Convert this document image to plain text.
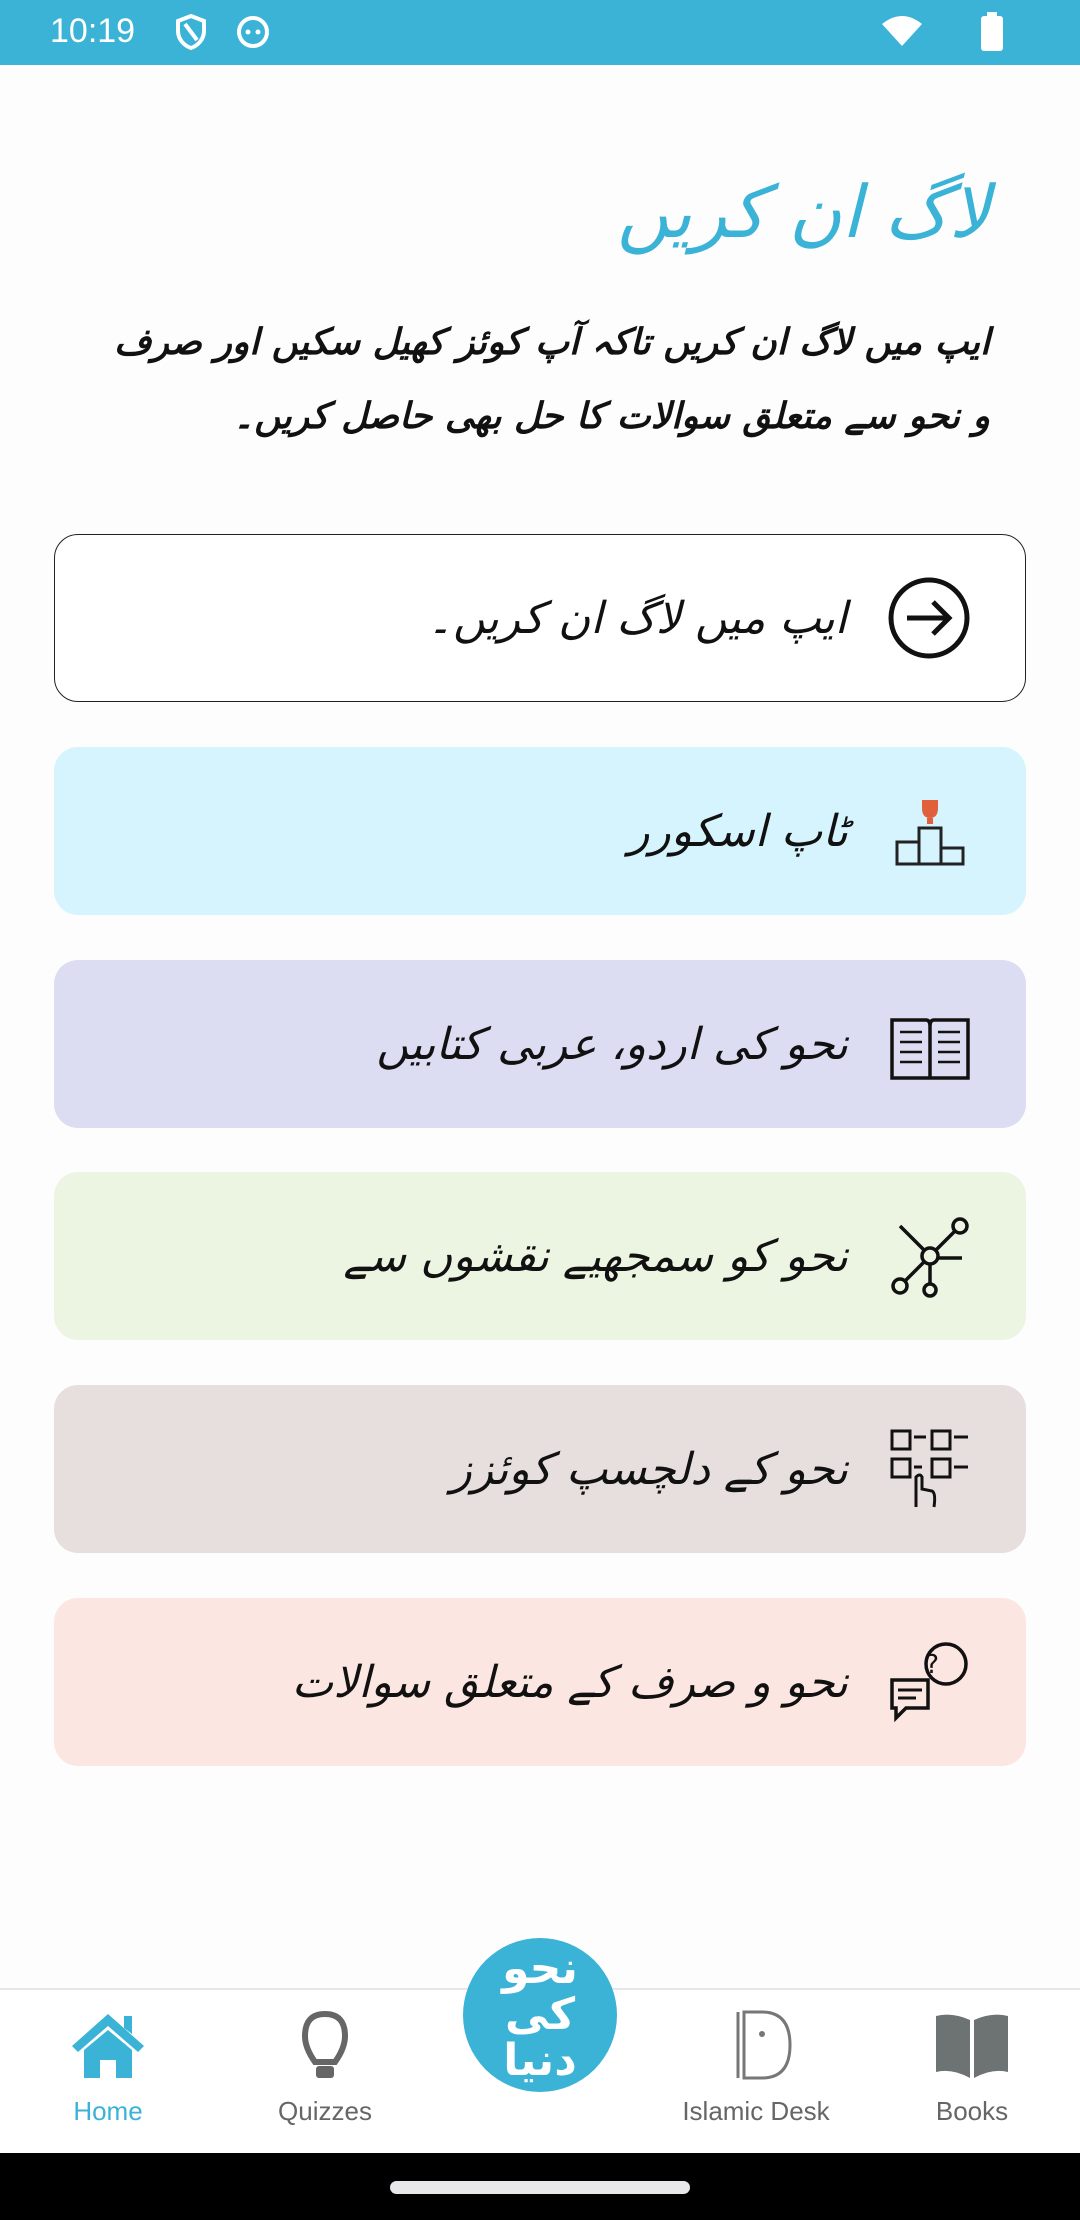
10:19
لاگ ان کریں
ایپ میں لاگ ان کریں تاکہ آپ کوئز کھیل سکیں اور صرف و نحو سے متعلق سوالات کا حل بھی حاصل کریں۔
ایپ میں لاگ ان کریں۔
ٹاپ اسکورر
نحو کی اردو، عربی کتابیں
نحو کو سمجھیے نقشوں سے
نحو کے دلچسپ کوئزز
?
نحو و صرف کے متعلق سوالات
Home	Quizzes	Islamic Desk	Books
نحو کی دنیا
